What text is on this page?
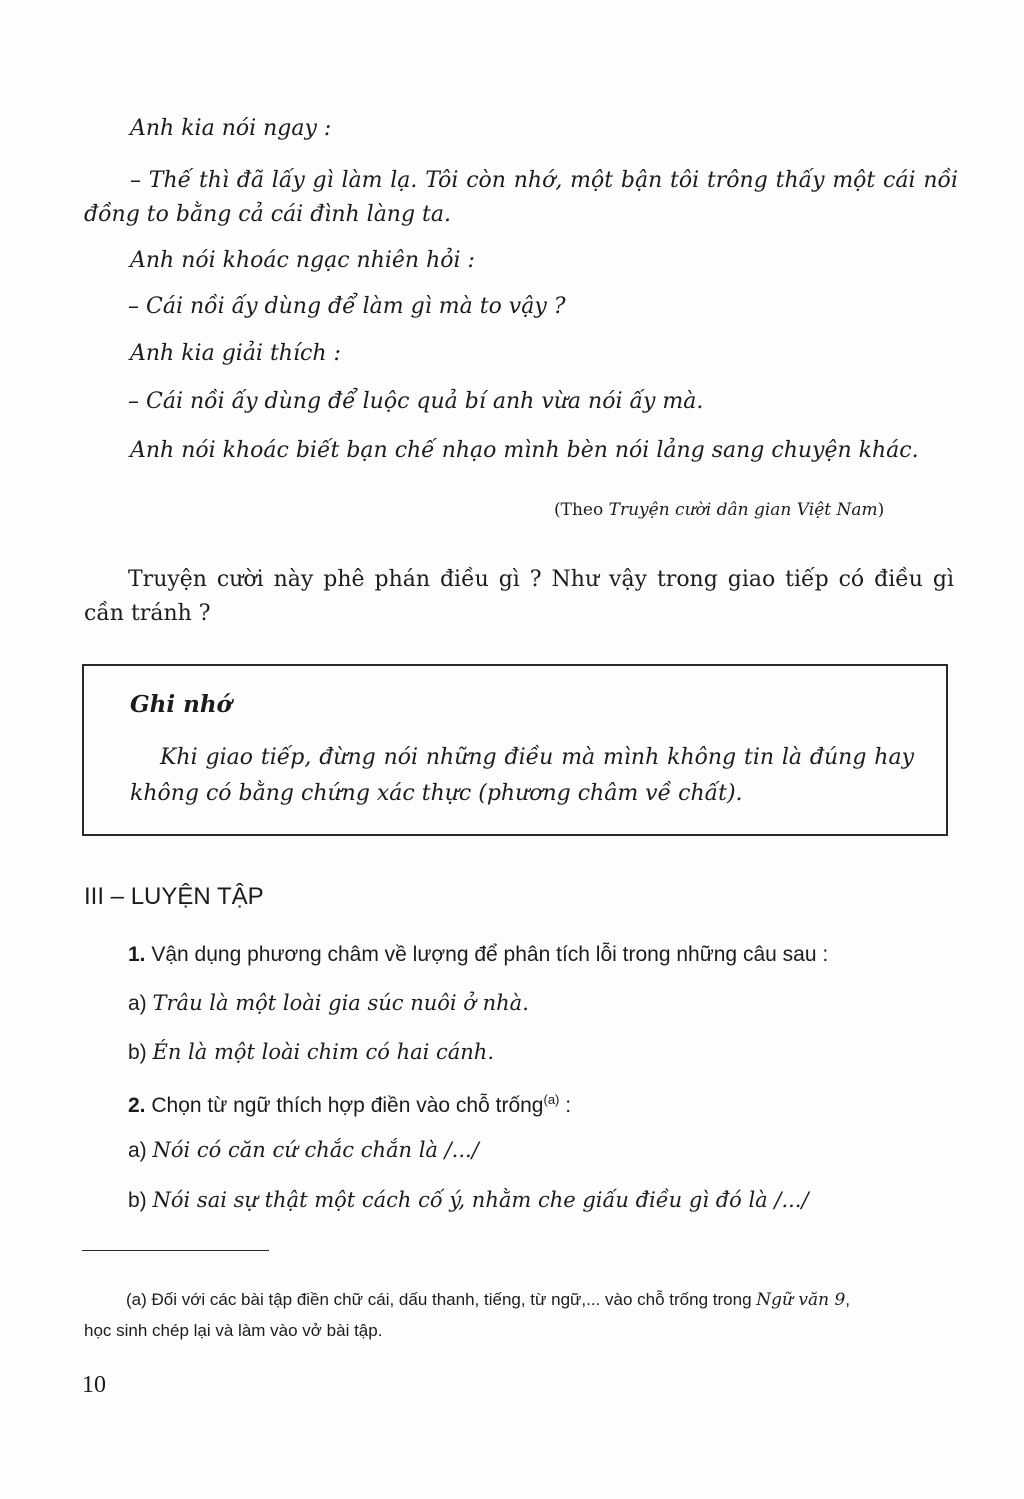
Anh kia nói ngay :
– Thế thì đã lấy gì làm lạ. Tôi còn nhớ, một bận tôi trông thấy một cái nồi đồng to bằng cả cái đình làng ta.
Anh nói khoác ngạc nhiên hỏi :
– Cái nồi ấy dùng để làm gì mà to vậy ?
Anh kia giải thích :
– Cái nồi ấy dùng để luộc quả bí anh vừa nói ấy mà.
Anh nói khoác biết bạn chế nhạo mình bèn nói lảng sang chuyện khác.
(Theo Truyện cười dân gian Việt Nam)
Truyện cười này phê phán điều gì ? Như vậy trong giao tiếp có điều gì cần tránh ?
Ghi nhớ
Khi giao tiếp, đừng nói những điều mà mình không tin là đúng hay không có bằng chứng xác thực (phương châm về chất).
III – LUYỆN TẬP
1. Vận dụng phương châm về lượng để phân tích lỗi trong những câu sau :
a) Trâu là một loài gia súc nuôi ở nhà.
b) Én là một loài chim có hai cánh.
2. Chọn từ ngữ thích hợp điền vào chỗ trống$^{(a)}$ :
a) Nói có căn cứ chắc chắn là /.../
b) Nói sai sự thật một cách cố ý, nhằm che giấu điều gì đó là /.../
(a) Đối với các bài tập điền chữ cái, dấu thanh, tiếng, từ ngữ,... vào chỗ trống trong Ngữ văn 9,
học sinh chép lại và làm vào vở bài tập.
10
